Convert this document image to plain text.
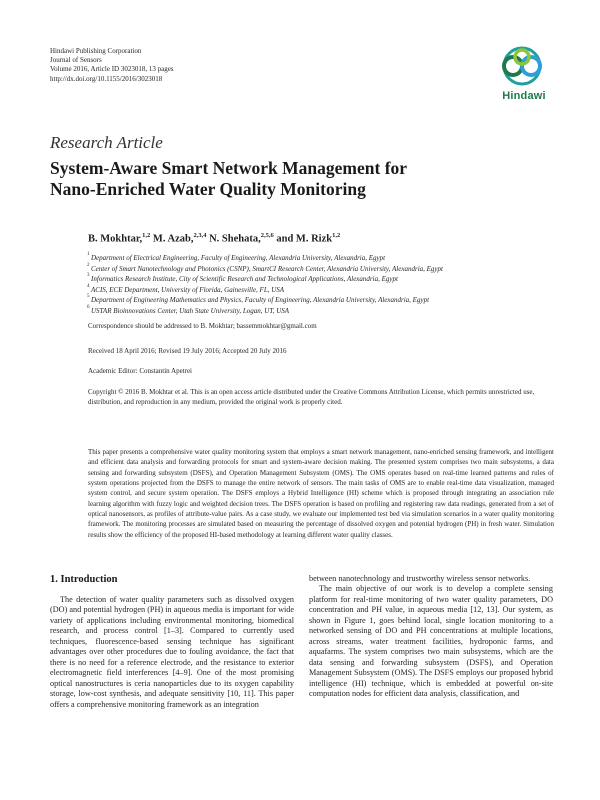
Hindawi Publishing Corporation
Journal of Sensors
Volume 2016, Article ID 3023018, 13 pages
http://dx.doi.org/10.1155/2016/3023018
Hindawi
Research Article
System-Aware Smart Network Management for
Nano-Enriched Water Quality Monitoring
B. Mokhtar,$^{1,2}$ M. Azab,$^{2,3,4}$ N. Shehata,$^{2,5,6}$ and M. Rizk$^{1,2}$
1 Department of Electrical Engineering, Faculty of Engineering, Alexandria University, Alexandria, Egypt
2 Center of Smart Nanotechnology and Photonics (CSNP), SmartCI Research Center, Alexandria University, Alexandria, Egypt
3 Informatics Research Institute, City of Scientific Research and Technological Applications, Alexandria, Egypt
4 ACIS, ECE Department, University of Florida, Gainesville, FL, USA
5 Department of Engineering Mathematics and Physics, Faculty of Engineering, Alexandria University, Alexandria, Egypt
6 USTAR Bioinnovations Center, Utah State University, Logan, UT, USA
Correspondence should be addressed to B. Mokhtar; bassemmokhtar@gmail.com
Received 18 April 2016; Revised 19 July 2016; Accepted 20 July 2016
Academic Editor: Constantin Apetrei
Copyright © 2016 B. Mokhtar et al. This is an open access article distributed under the Creative Commons Attribution License, which permits unrestricted use, distribution, and reproduction in any medium, provided the original work is properly cited.
This paper presents a comprehensive water quality monitoring system that employs a smart network management, nano-enriched sensing framework, and intelligent and efficient data analysis and forwarding protocols for smart and system-aware decision making. The presented system comprises two main subsystems, a data sensing and forwarding subsystem (DSFS), and Operation Management Subsystem (OMS). The OMS operates based on real-time learned patterns and rules of system operations projected from the DSFS to manage the entire network of sensors. The main tasks of OMS are to enable real-time data visualization, managed system control, and secure system operation. The DSFS employs a Hybrid Intelligence (HI) scheme which is proposed through integrating an association rule learning algorithm with fuzzy logic and weighted decision trees. The DSFS operation is based on profiling and registering raw data readings, generated from a set of optical nanosensors, as profiles of attribute-value pairs. As a case study, we evaluate our implemented test bed via simulation scenarios in a water quality monitoring framework. The monitoring processes are simulated based on measuring the percentage of dissolved oxygen and potential hydrogen (PH) in fresh water. Simulation results show the efficiency of the proposed HI-based methodology at learning different water quality classes.
1. Introduction

The detection of water quality parameters such as dissolved oxygen (DO) and potential hydrogen (PH) in aqueous media is important for wide variety of applications including environmental monitoring, biomedical research, and process control [1–3]. Compared to currently used techniques, fluorescence-based sensing technique has significant advantages over other procedures due to fouling avoidance, the fact that there is no need for a reference electrode, and the resistance to exterior electromagnetic field interferences [4–9]. One of the most promising optical nanostructures is ceria nanoparticles due to its oxygen capability storage, low-cost synthesis, and adequate sensitivity [10, 11]. This paper offers a comprehensive monitoring framework as an integration

between nanotechnology and trustworthy wireless sensor networks.

The main objective of our work is to develop a complete sensing platform for real-time monitoring of two water quality parameters, DO concentration and PH value, in aqueous media [12, 13]. Our system, as shown in Figure 1, goes behind local, single location monitoring to a networked sensing of DO and PH concentrations at multiple locations, across streams, water treatment facilities, hydroponic farms, and aquafarms. The system comprises two main subsystems, which are the data sensing and forwarding subsystem (DSFS), and Operation Management Subsystem (OMS). The DSFS employs our proposed hybrid intelligence (HI) technique, which is embedded at powerful on-site computation nodes for efficient data analysis, classification, and
